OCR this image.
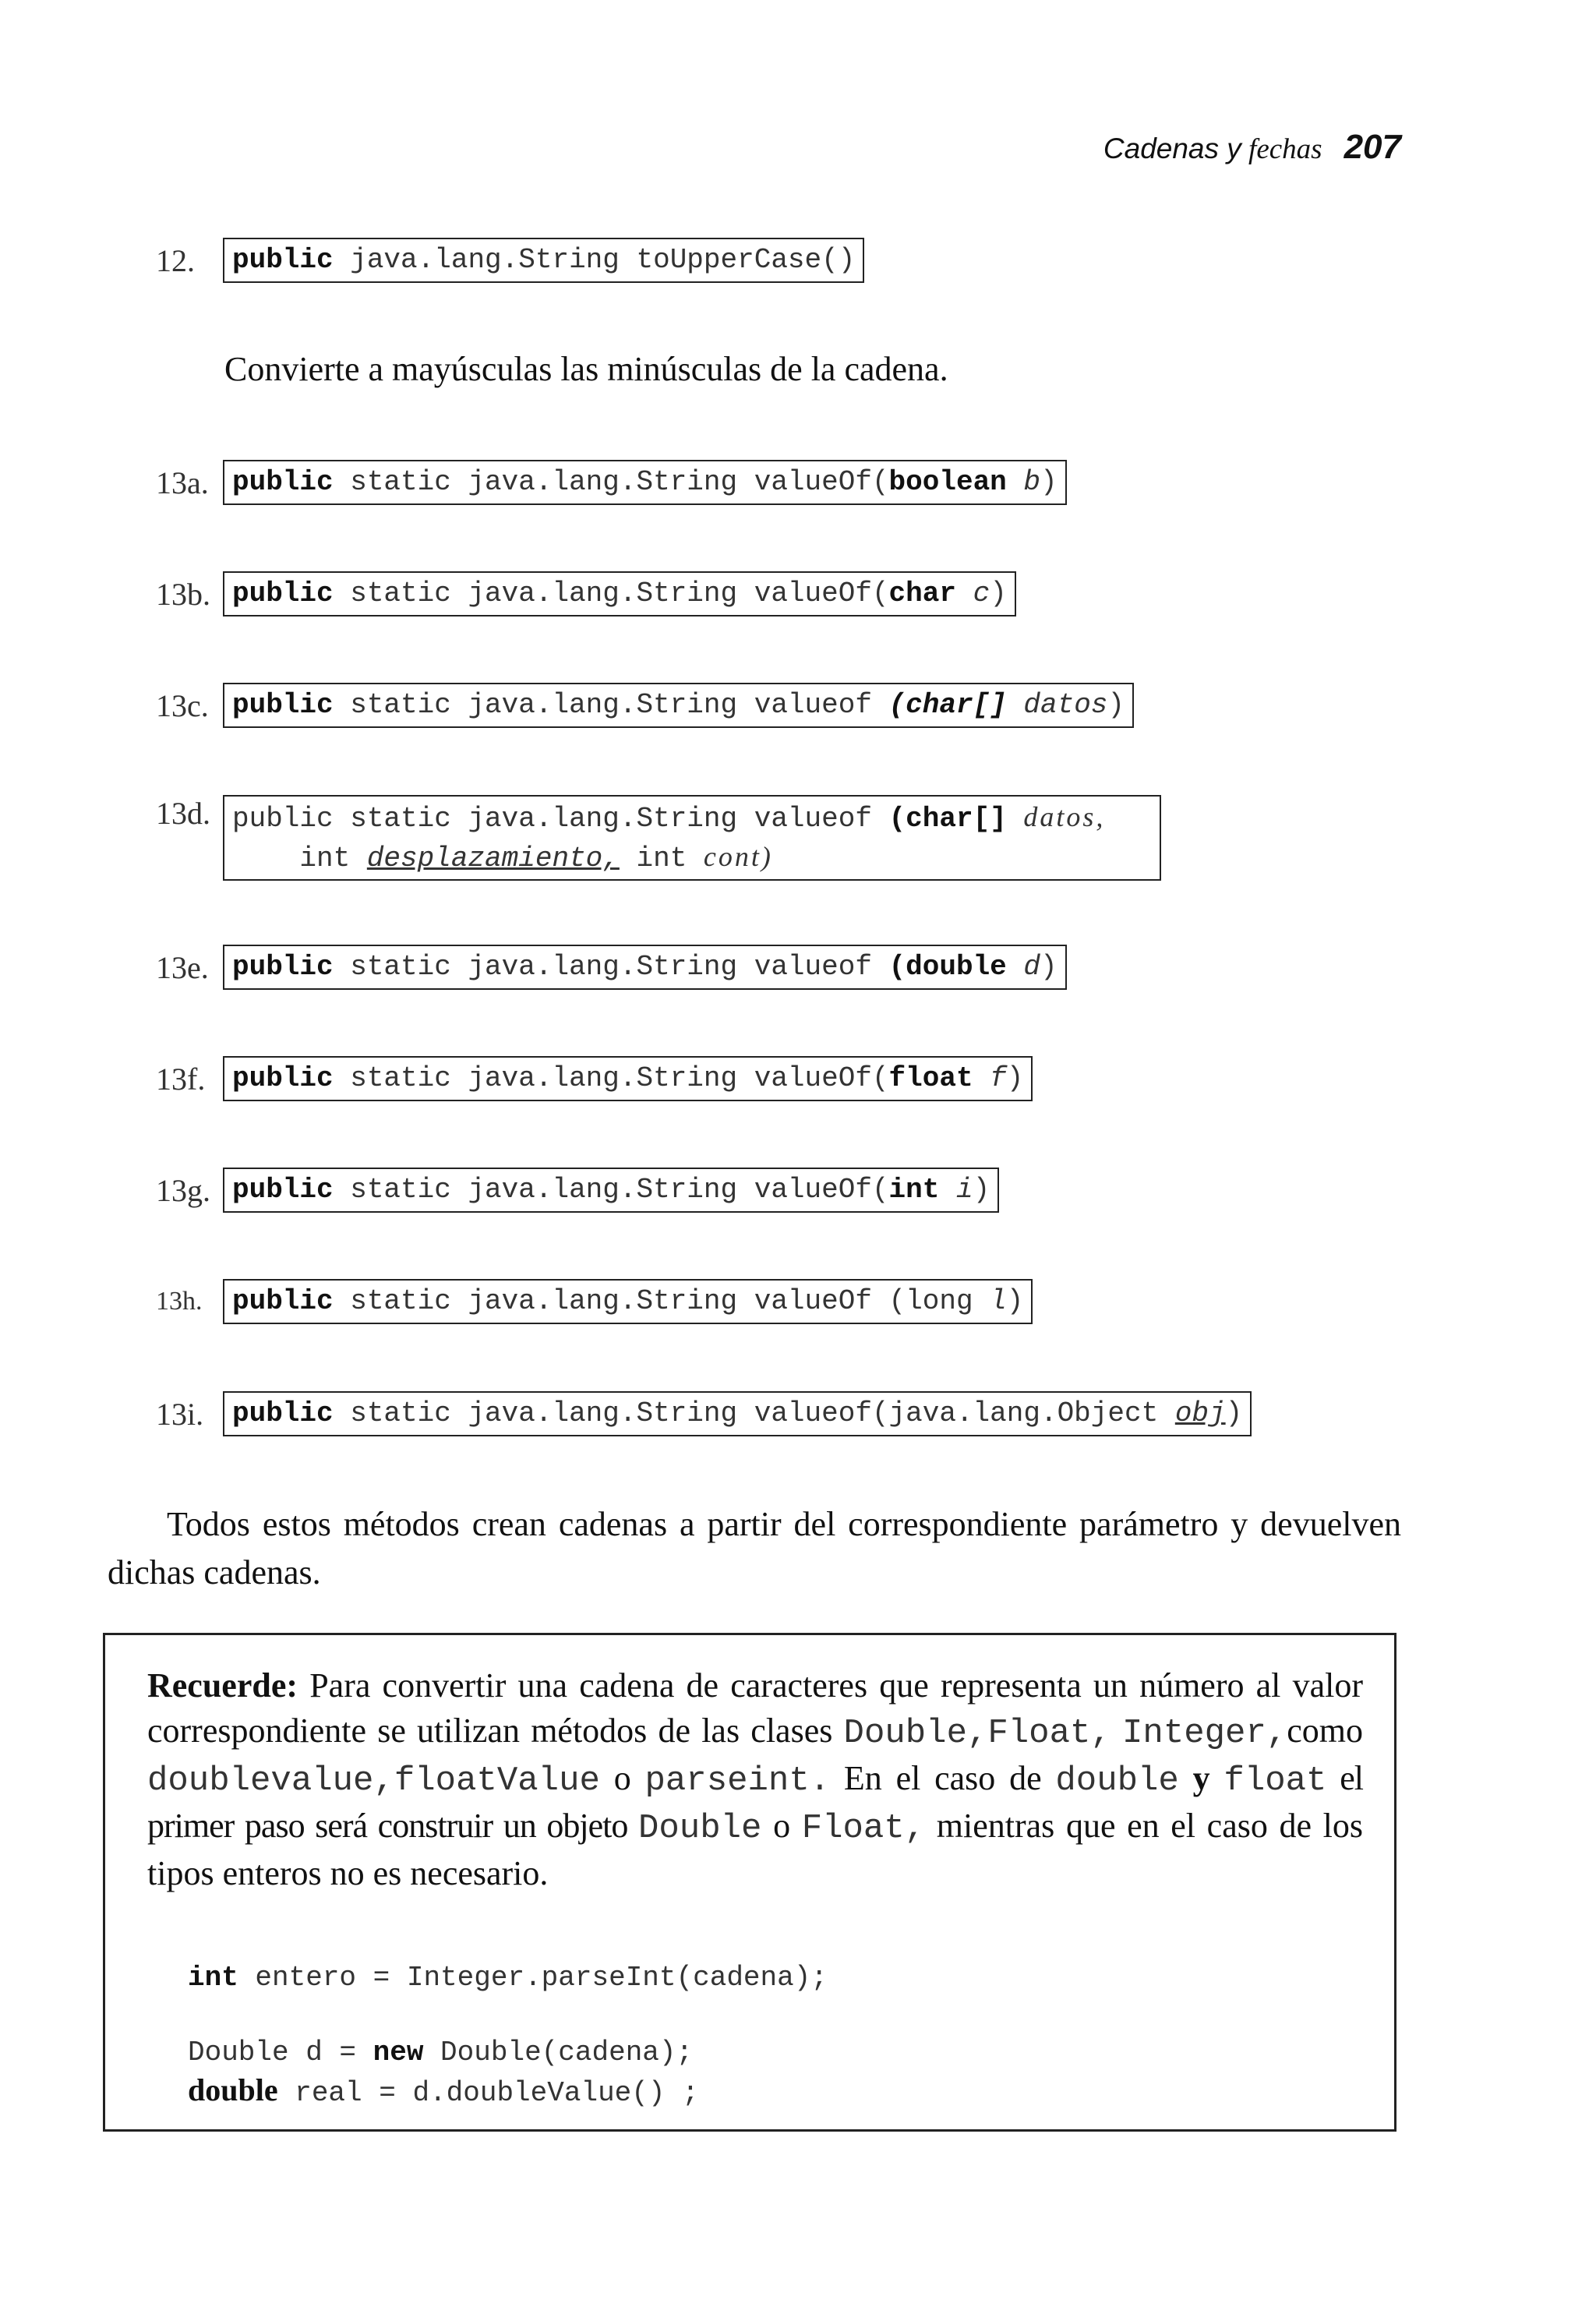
Cadenas y fechas 207
12.	public java.lang.String toUpperCase()
Convierte a mayúsculas las minúsculas de la cadena.
13a. public static java.lang.String valueOf(boolean b)
13b. public static java.lang.String valueOf(char c)
13c. public static java.lang.String valueof (char[] datos)
13d. public static java.lang.String valueof (char[] datos,
int desplazamiento, int cont)
13e. public static java.lang.String valueof (double d)
13f. public static java.lang.String valueOf(float f)
13g. public static java.lang.String valueOf(int i)
13h.	public static java.lang.String valueOf (long l)
13i.	public static java.lang.String valueof(java.lang.Object obj)

Todos estos métodos crean cadenas a partir del correspondiente parámetro y devuelven dichas cadenas.

Recuerde: Para convertir una cadena de caracteres que representa un número al valor correspondiente se utilizan métodos de las clases Double,Float, Integer,como doublevalue,floatValue o parseint. En el caso de double y float el primer paso será construir un objeto Double o Float, mientras que en el caso de los tipos enteros no es necesario.

int entero = Integer.parseInt(cadena);

Double d = new Double(cadena);
double real = d.doubleValue() ;
